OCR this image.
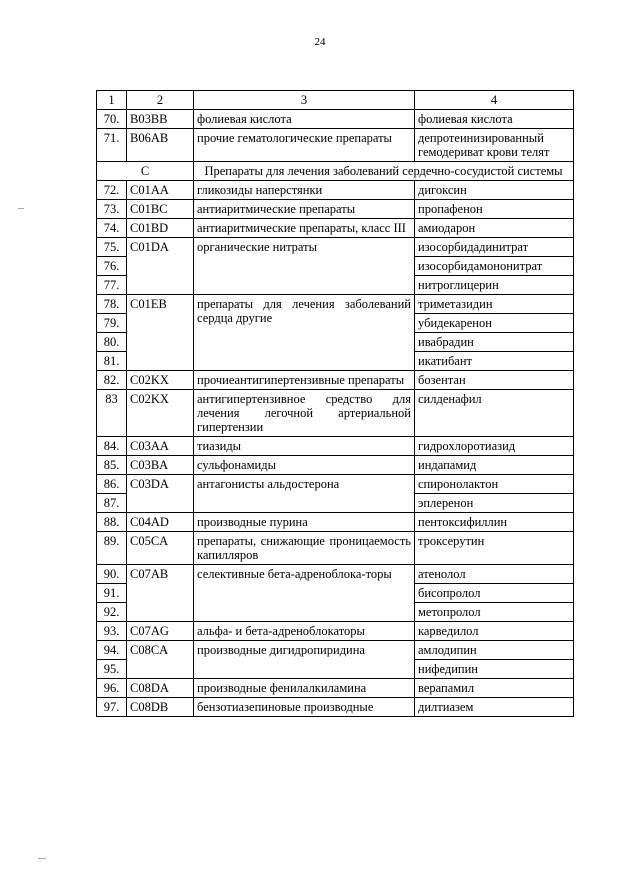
24
1	2	3	4
70.	B03BB	фолиевая кислота	фолиевая кислота
71.	B06AB	прочие гематологические препараты	депротеинизированный гемодериват крови телят
С		Препараты для лечения заболеваний сердечно-сосудистой системы	
72.	C01AA	гликозиды наперстянки	дигоксин
73.	C01BC	антиаритмические препараты	пропафенон
74.	C01BD	антиаритмические препараты, класс III	амиодарон
75.	C01DA	органические нитраты	изосорбидадинитрат
76.			изосорбидамононитрат
77.			нитроглицерин
78.	C01EB	препараты для лечения заболеваний сердца другие	триметазидин
79.			убидекаренон
80.			ивабрадин
81.			икатибант
82.	C02KX	прочиеантигипертензивные препараты	бозентан
83	C02KX	антигипертензивное средство для лечения легочной артериальной гипертензии	силденафил
84.	C03AA	тиазиды	гидрохлоротиазид
85.	C03BA	сульфонамиды	индапамид
86.	C03DA	антагонисты альдостерона	спиронолактон
87.			эплеренон
88.	C04AD	производные пурина	пентоксифиллин
89.	C05CA	препараты, снижающие проницаемость капилляров	троксерутин
90.	C07AB	селективные бета-адреноблока-торы	атенолол
91.			бисопролол
92.			метопролол
93.	C07AG	альфа- и бета-адреноблокаторы	карведилол
94.	C08CA	производные дигидропиридина	амлодипин
95.			нифедипин
96.	C08DA	производные фенилалкиламина	верапамил
97.	C08DB	бензотиазепиновые производные	дилтиазем
